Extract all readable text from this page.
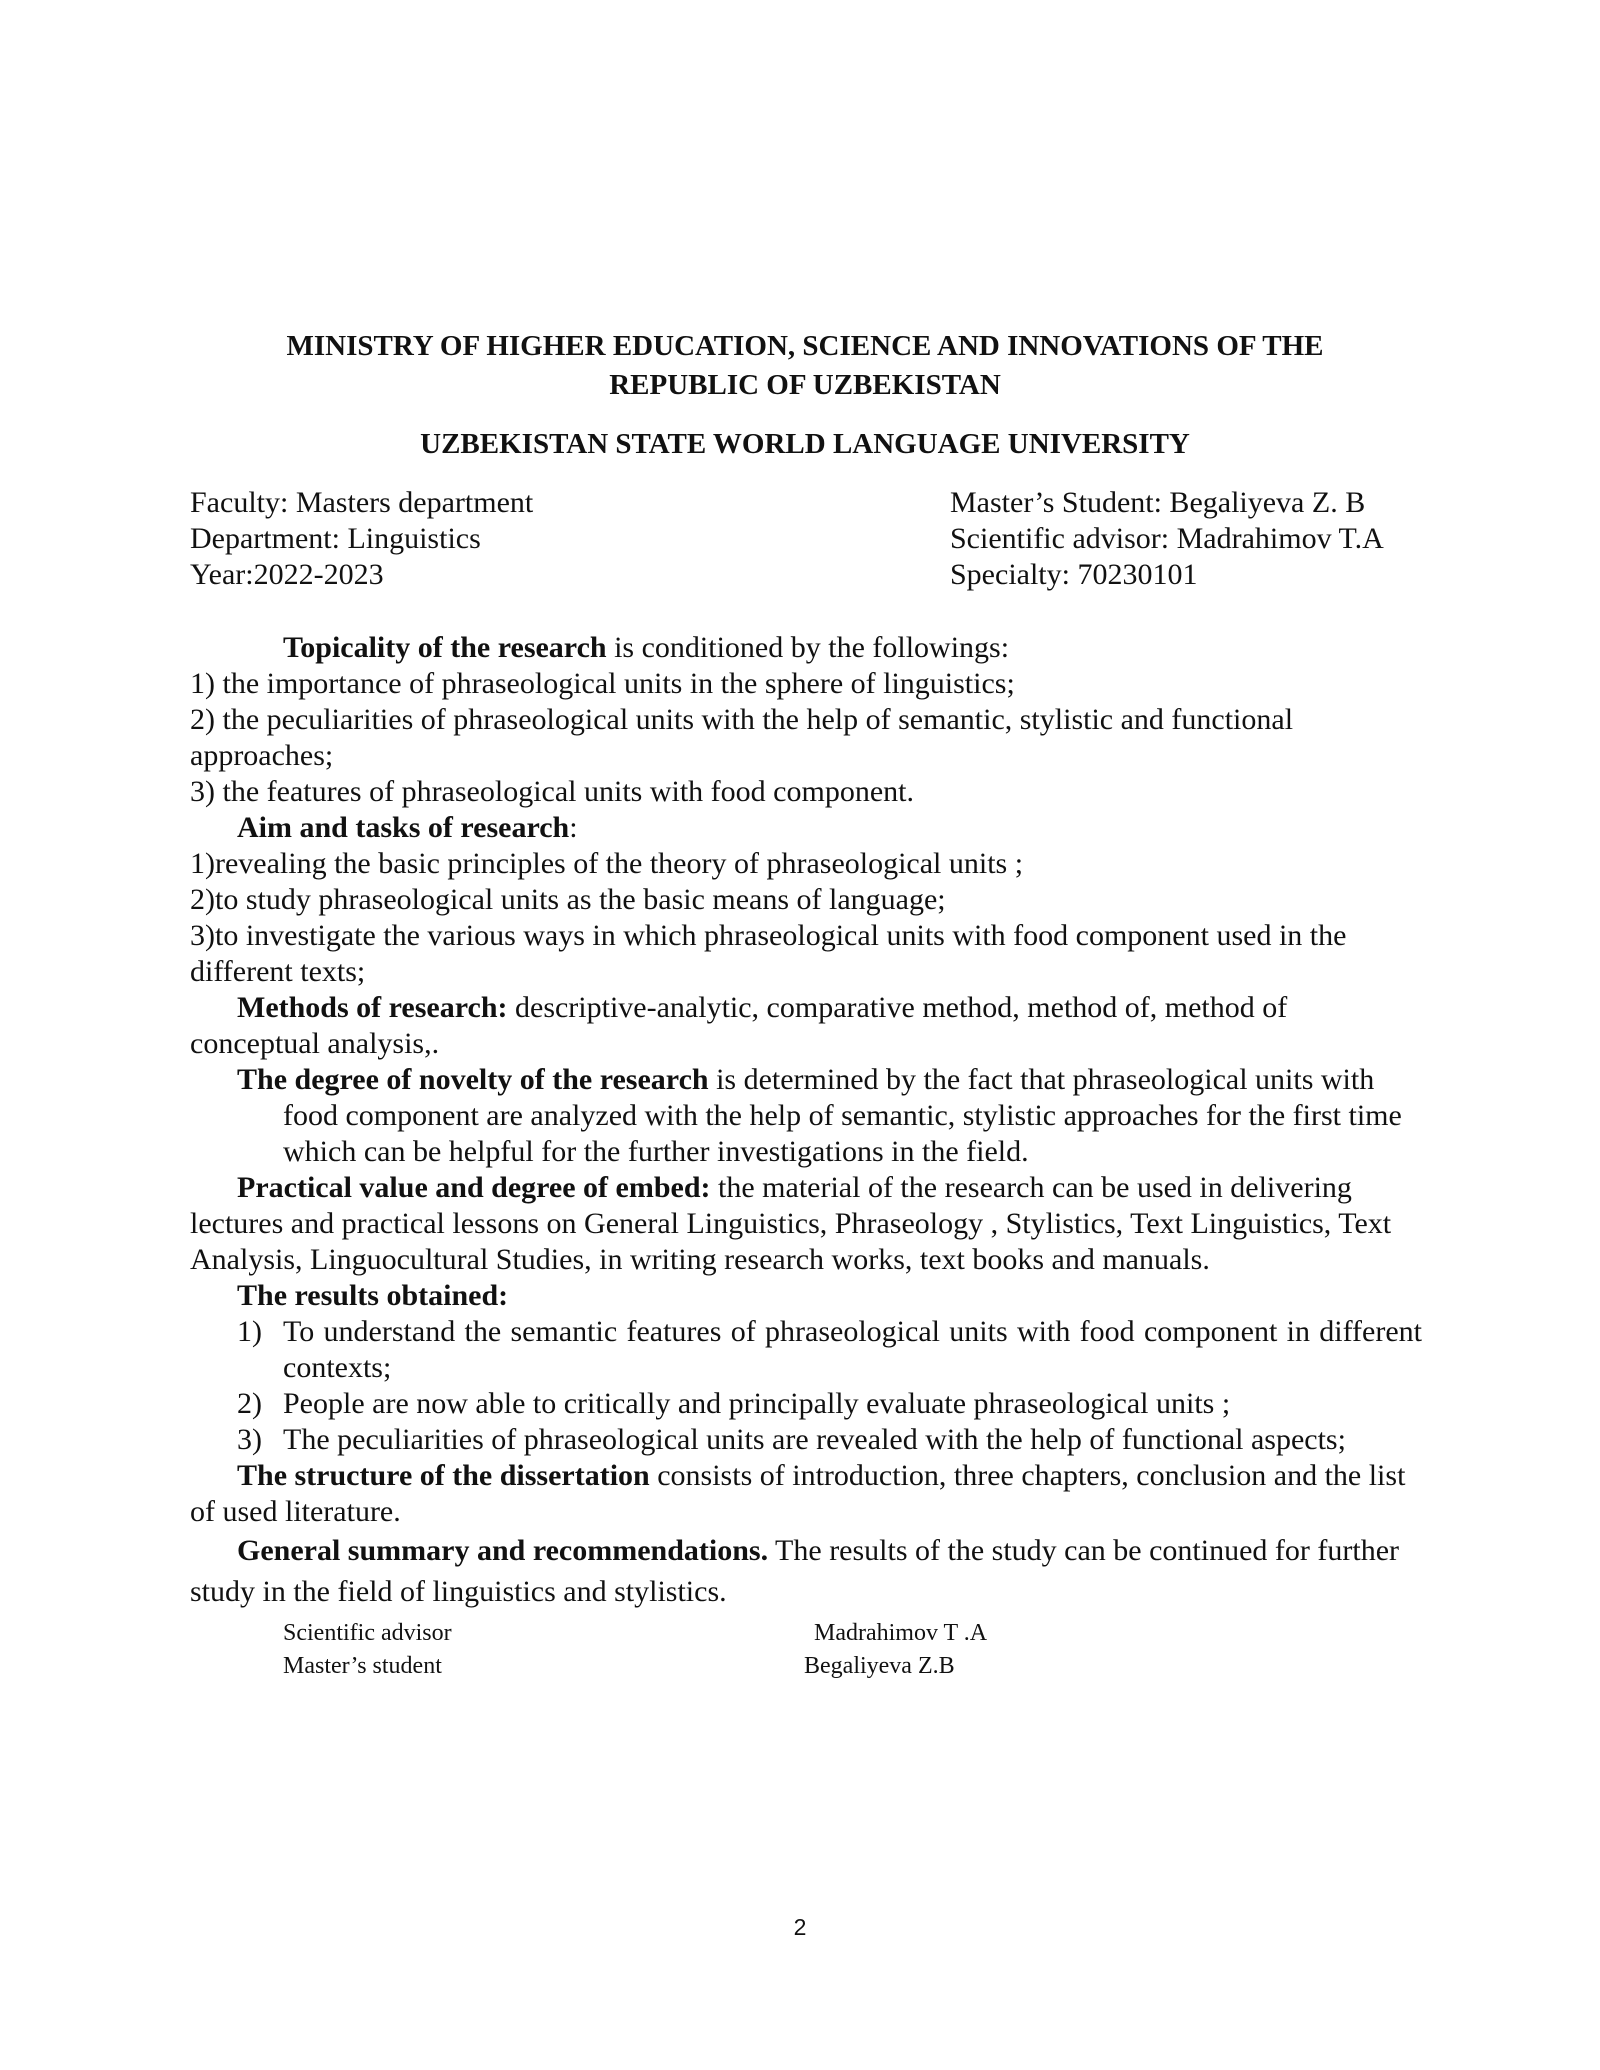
MINISTRY OF HIGHER EDUCATION, SCIENCE AND INNOVATIONS OF THE
REPUBLIC OF UZBEKISTAN
UZBEKISTAN STATE WORLD LANGUAGE UNIVERSITY
Faculty: Masters department
Department: Linguistics
Year:2022-2023
Master’s Student: Begaliyeva Z. B
Scientific advisor: Madrahimov T.A
Specialty: 70230101

Topicality of the research is conditioned by the followings:

1) the importance of phraseological units in the sphere of linguistics;

2) the peculiarities of phraseological units with the help of semantic, stylistic and functional approaches;

3) the features of phraseological units with food component.

Aim and tasks of research:

1)revealing the basic principles of the theory of phraseological units ;

2)to study phraseological units as the basic means of language;

3)to investigate the various ways in which phraseological units with food component used in the different texts;

Methods of research: descriptive-analytic, comparative method, method of, method of conceptual analysis,.

The degree of novelty of the research is determined by the fact that phraseological units with food component are analyzed with the help of semantic, stylistic approaches for the first time which can be helpful for the further investigations in the field.

Practical value and degree of embed: the material of the research can be used in delivering lectures and practical lessons on General Linguistics, Phraseology , Stylistics, Text Linguistics, Text Analysis, Linguocultural Studies, in writing research works, text books and manuals.

The results obtained:

1) To understand the semantic features of phraseological units with food component in different contexts;
2) People are now able to critically and principally evaluate phraseological units ;
3) The peculiarities of phraseological units are revealed with the help of functional aspects;

The structure of the dissertation consists of introduction, three chapters, conclusion and the list of used literature.

General summary and recommendations. The results of the study can be continued for further study in the field of linguistics and stylistics.

Scientific advisor	Madrahimov T .A
Master’s student	Begaliyeva Z.B
2
